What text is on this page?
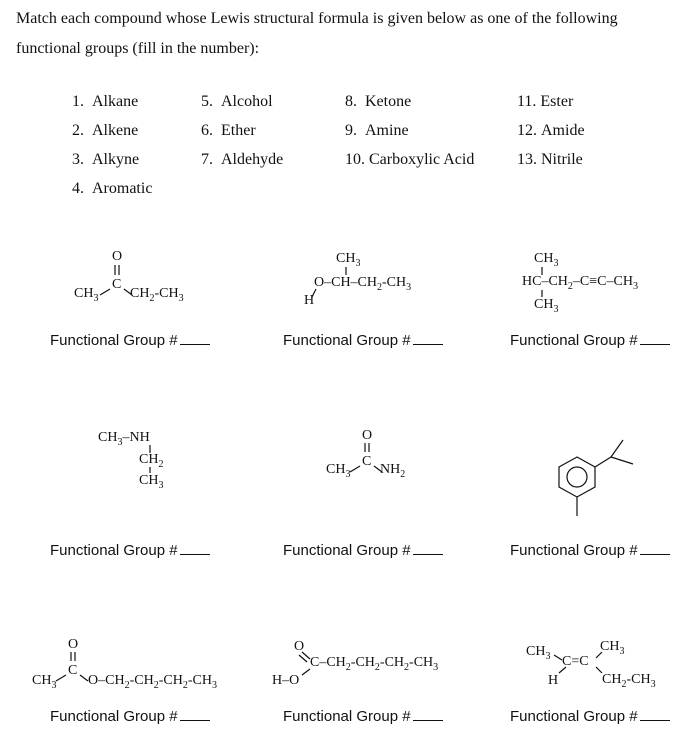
Match each compound whose Lewis structural formula is given below as one of the following functional groups (fill in the number):
1. Alkane
2. Alkene
3. Alkyne
4. Aromatic
5. Alcohol
6. Ether
7. Aldehyde
8. Ketone
9. Amine
10. Carboxylic Acid
11. Ester
12. Amide
13. Nitrile
O
C
$CH_3$ $CH_2-CH_3$
Functional Group #
$CH_3$
$O-CH-CH_2-CH_3$
H
Functional Group #
$CH_3$
$HC-CH_2-C\equiv C-CH_3$
$CH_3$
Functional Group #
$CH_3-NH$
$CH_2$
$CH_3$
Functional Group #
O
C
$CH_3$ $NH_2$
Functional Group #	Functional Group #
O
C
$CH_3$ $O-CH_2-CH_2-CH_2-CH_3$
Functional Group #
O
$C-CH_2-CH_2-CH_2-CH_3$
H–O
Functional Group #
$CH_3$ C=C
$CH_3$
H	$CH_2-CH_3$
Functional Group #
